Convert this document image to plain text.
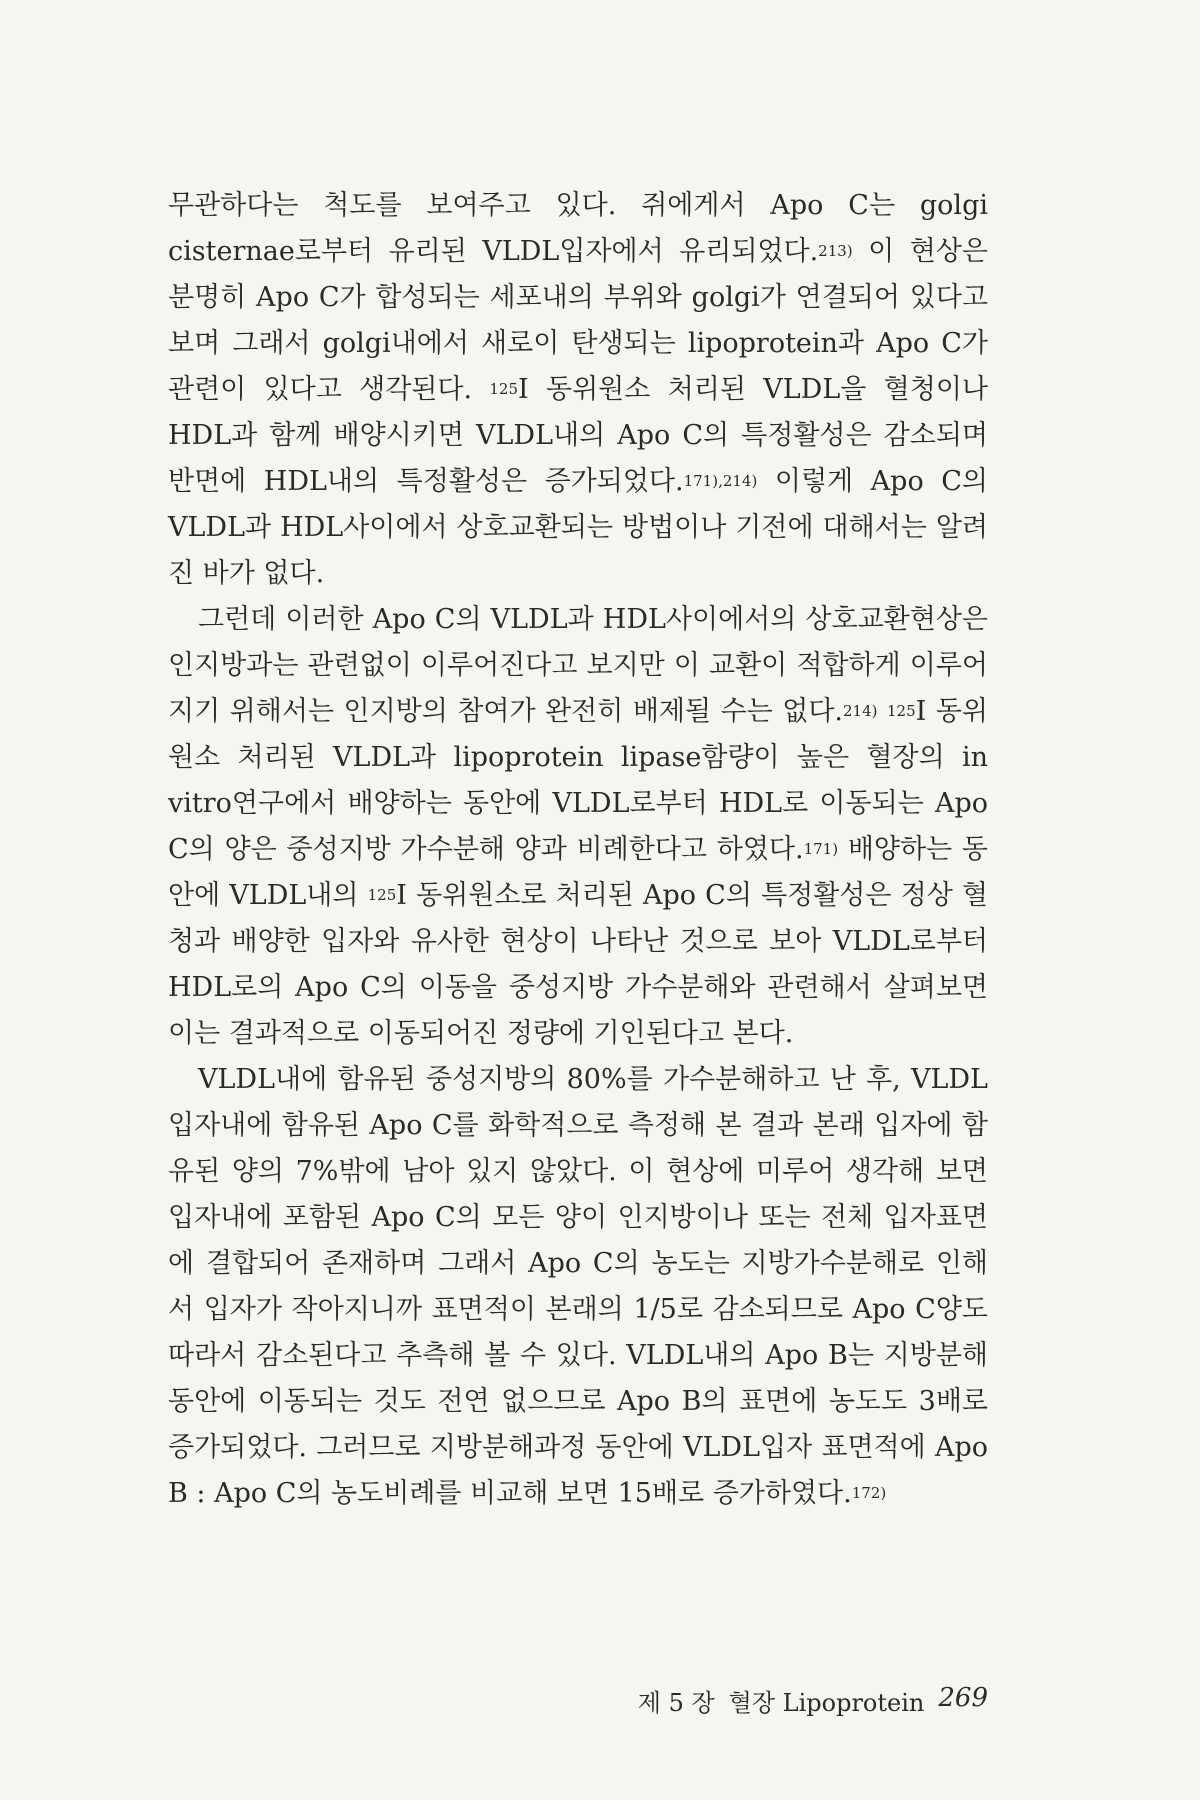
무관하다는 척도를 보여주고 있다. 쥐에게서 Apo C는 golgi cisternae로부터 유리된 VLDL입자에서 유리되었다.$^{213)}$ 이 현상은 분명히 Apo C가 합성되는 세포내의 부위와 golgi가 연결되어 있다고 보며 그래서 golgi내에서 새로이 탄생되는 lipoprotein과 Apo C가 관련이 있다고 생각된다. $^{125}$I 동위원소 처리된 VLDL을 혈청이나 HDL과 함께 배양시키면 VLDL내의 Apo C의 특정활성은 감소되며 반면에 HDL내의 특정활성은 증가되었다.$^{171),214)}$ 이렇게 Apo C의 VLDL과 HDL사이에서 상호교환되는 방법이나 기전에 대해서는 알려진 바가 없다.

그런데 이러한 Apo C의 VLDL과 HDL사이에서의 상호교환현상은 인지방과는 관련없이 이루어진다고 보지만 이 교환이 적합하게 이루어지기 위해서는 인지방의 참여가 완전히 배제될 수는 없다.$^{214)}$ $^{125}$I 동위원소 처리된 VLDL과 lipoprotein lipase함량이 높은 혈장의 in vitro연구에서 배양하는 동안에 VLDL로부터 HDL로 이동되는 Apo C의 양은 중성지방 가수분해 양과 비례한다고 하였다.$^{171)}$ 배양하는 동안에 VLDL내의 $^{125}$I 동위원소로 처리된 Apo C의 특정활성은 정상 혈청과 배양한 입자와 유사한 현상이 나타난 것으로 보아 VLDL로부터 HDL로의 Apo C의 이동을 중성지방 가수분해와 관련해서 살펴보면 이는 결과적으로 이동되어진 정량에 기인된다고 본다.

VLDL내에 함유된 중성지방의 80%를 가수분해하고 난 후, VLDL입자내에 함유된 Apo C를 화학적으로 측정해 본 결과 본래 입자에 함유된 양의 7%밖에 남아 있지 않았다. 이 현상에 미루어 생각해 보면 입자내에 포함된 Apo C의 모든 양이 인지방이나 또는 전체 입자표면에 결합되어 존재하며 그래서 Apo C의 농도는 지방가수분해로 인해서 입자가 작아지니까 표면적이 본래의 1/5로 감소되므로 Apo C양도 따라서 감소된다고 추측해 볼 수 있다. VLDL내의 Apo B는 지방분해 동안에 이동되는 것도 전연 없으므로 Apo B의 표면에 농도도 3배로 증가되었다. 그러므로 지방분해과정 동안에 VLDL입자 표면적에 Apo B : Apo C의 농도비례를 비교해 보면 15배로 증가하였다.$^{172)}$

제 5 장 혈장 Lipoprotein 269
